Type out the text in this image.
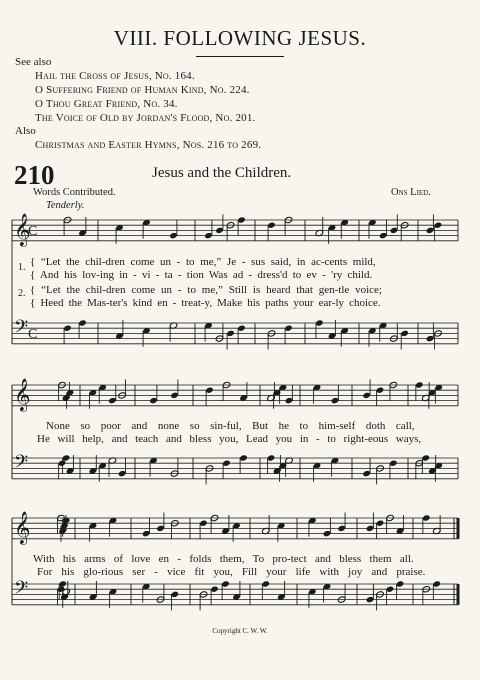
VIII. FOLLOWING JESUS.
See also
Hail the Cross of Jesus, No. 164.
O Suffering Friend of Human Kind, No. 224.
O Thou Great Friend, No. 34.
The Voice of Old by Jordan's Flood, No. 201.
Also
Christmas and Easter Hymns, Nos. 216 to 269.
210	Jesus and the Children.
Words Contributed.	Ons Lied.
Tenderly.
𝄞
𝄢
C
C
𝄞
𝄢
𝄞
𝄢
1.
2.
{ “Let the chil-dren come un - to me,” Je - sus said, in ac-cents mild,
{ And his lov-ing in - vi - ta - tion Was ad - dress'd to ev - 'ry child.
{ “Let the chil-dren come un - to me,” Still is heard that gen-tle voice;
{ Heed the Mas-ter's kind en - treat-y, Make his paths your ear-ly choice.
None so poor and none so sin-ful, But he to him-self doth call,
He will help, and teach and bless you, Lead you in - to right-eous ways,
With his arms of love en - folds them, To pro-tect and bless them all.
For his glo-rious ser - vice fit you, Fill your life with joy and praise.
Copyright C. W. W.
